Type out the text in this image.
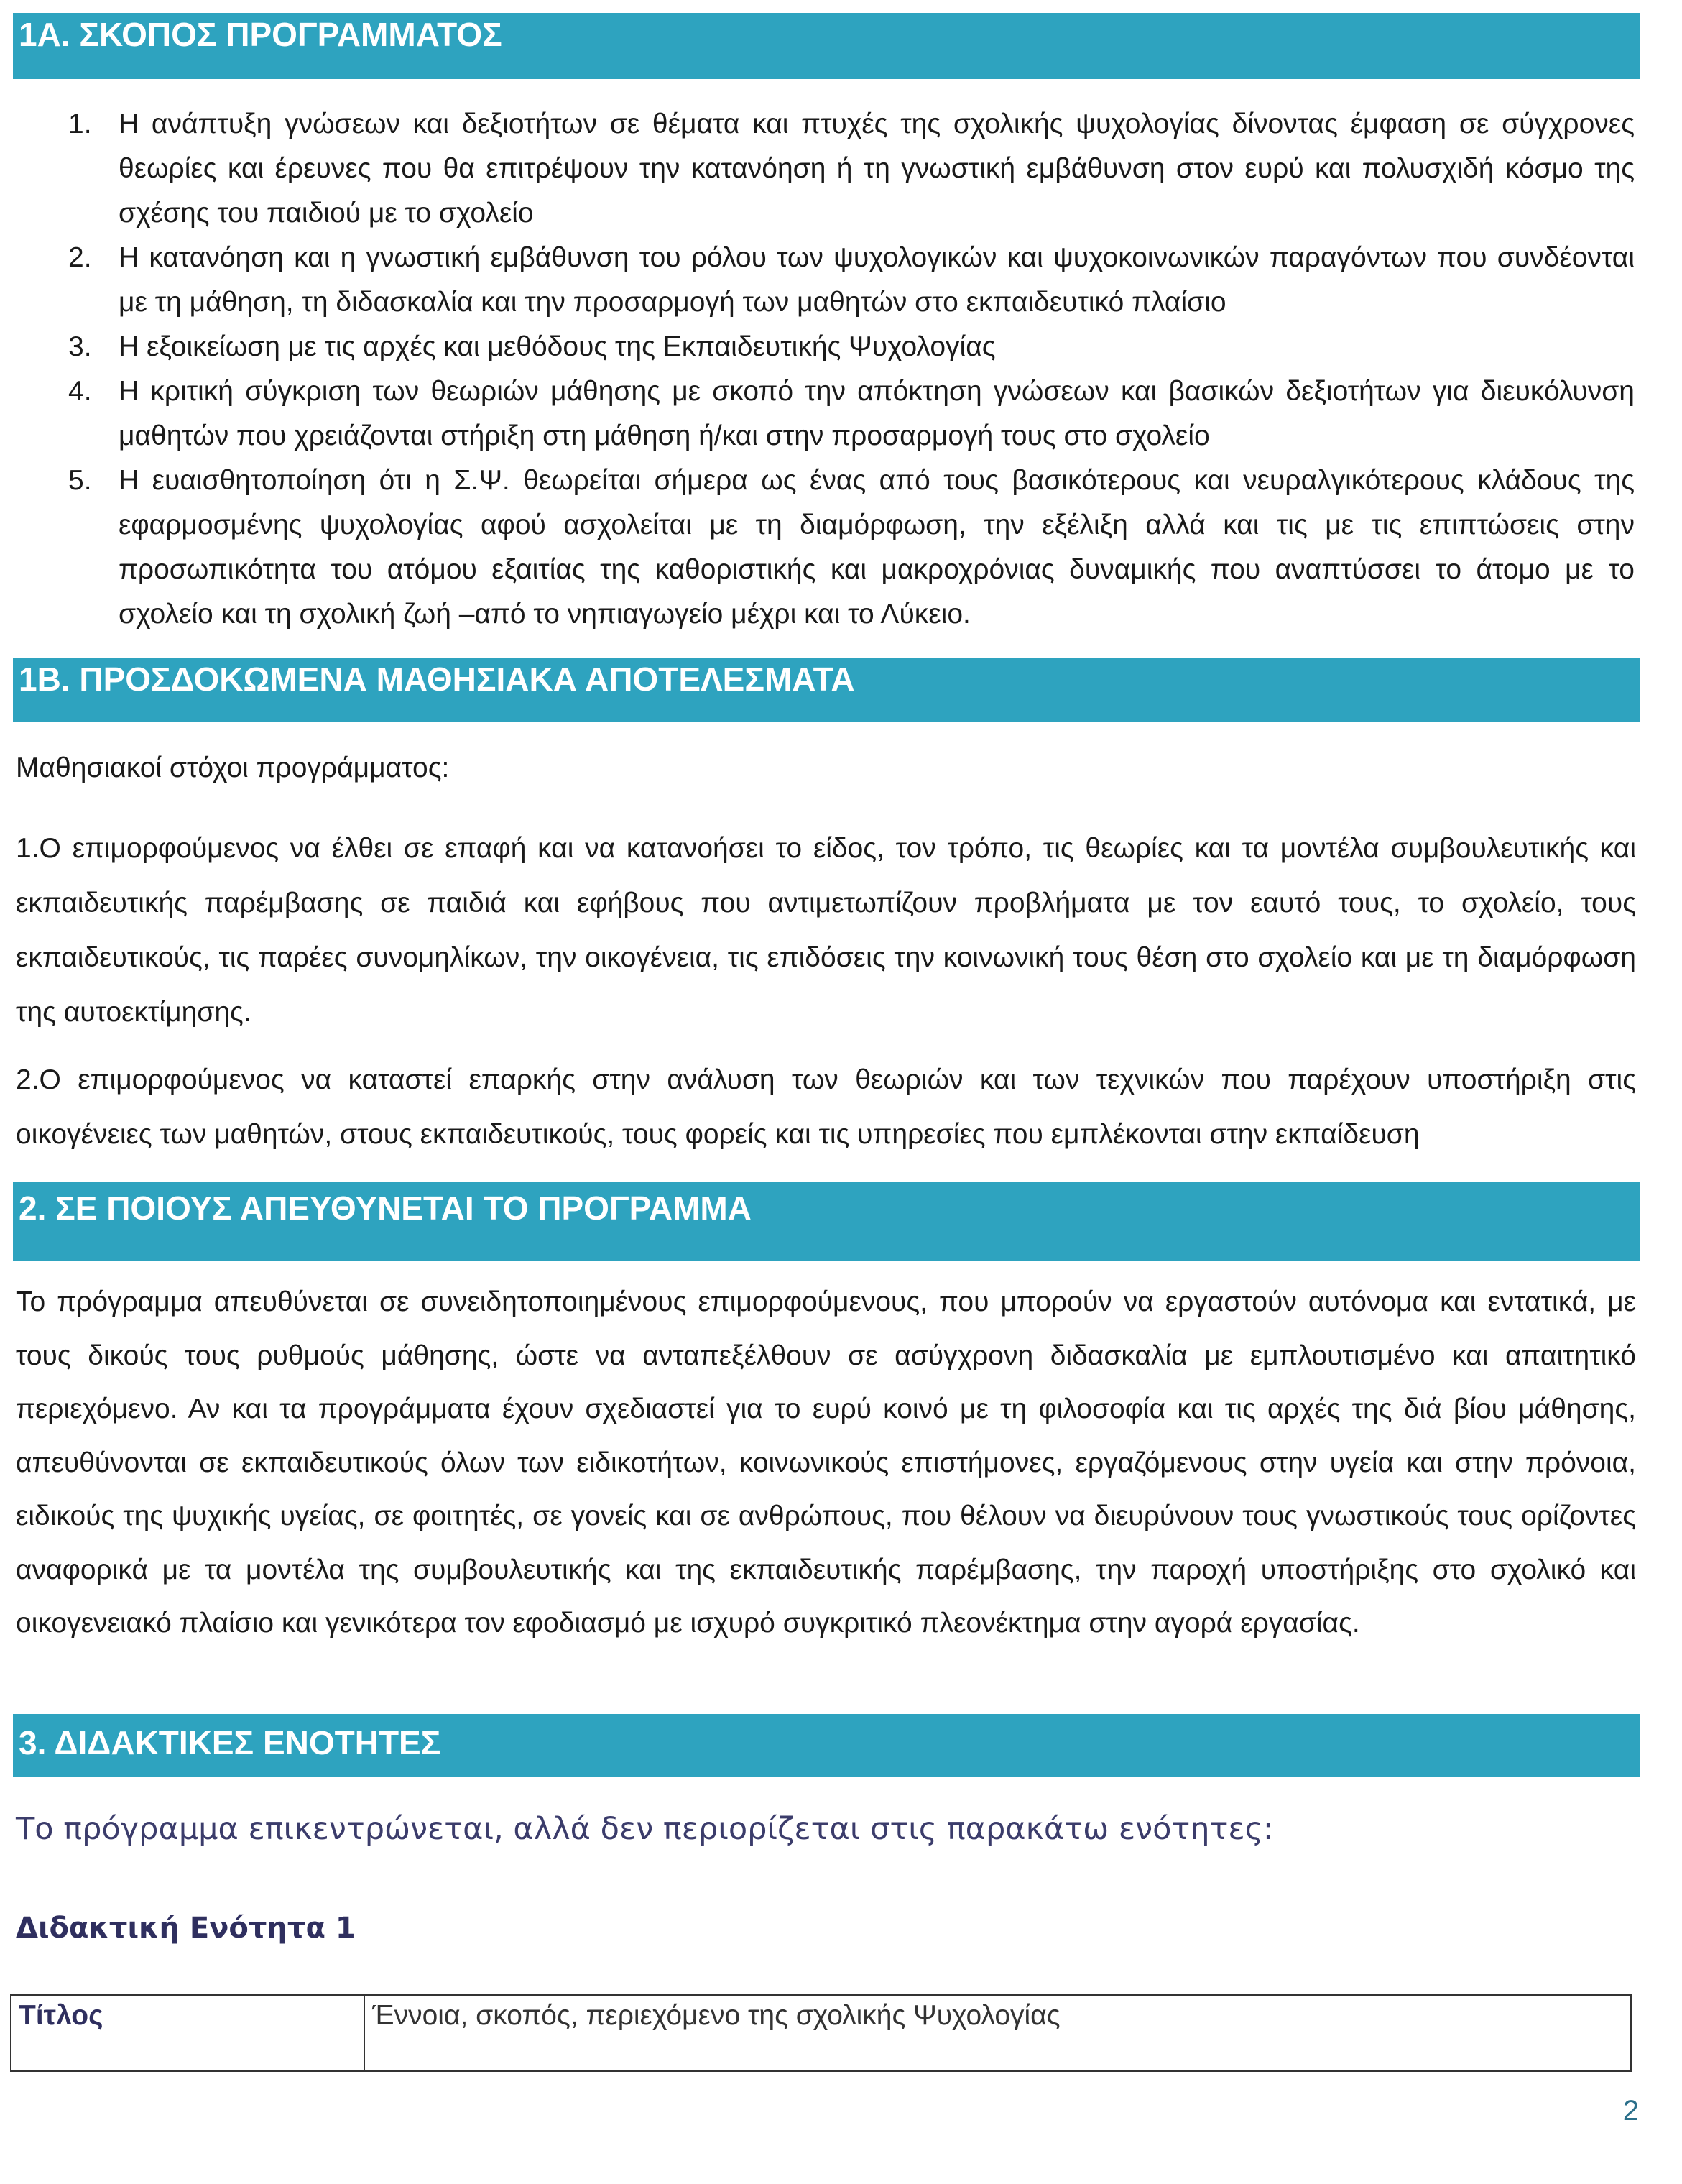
1Α. ΣΚΟΠΟΣ ΠΡΟΓΡΑΜΜΑΤΟΣ
1. Η ανάπτυξη γνώσεων και δεξιοτήτων σε θέματα και πτυχές της σχολικής ψυχολογίας δίνοντας έμφαση σε σύγχρονες θεωρίες και έρευνες που θα επιτρέψουν την κατανόηση ή τη γνωστική εμβάθυνση στον ευρύ και πολυσχιδή κόσμο της σχέσης του παιδιού με το σχολείο
2. Η κατανόηση και η γνωστική εμβάθυνση του ρόλου των ψυχολογικών και ψυχοκοινωνικών παραγόντων που συνδέονται με τη μάθηση, τη διδασκαλία και την προσαρμογή των μαθητών στο εκπαιδευτικό πλαίσιο
3. Η εξοικείωση με τις αρχές και μεθόδους της Εκπαιδευτικής Ψυχολογίας
4. Η κριτική σύγκριση των θεωριών μάθησης με σκοπό την απόκτηση γνώσεων και βασικών δεξιοτήτων για διευκόλυνση μαθητών που χρειάζονται στήριξη στη μάθηση ή/και στην προσαρμογή τους στο σχολείο
5. Η ευαισθητοποίηση ότι η Σ.Ψ. θεωρείται σήμερα ως ένας από τους βασικότερους και νευραλγικότερους κλάδους της εφαρμοσμένης ψυχολογίας αφού ασχολείται με τη διαμόρφωση, την εξέλιξη αλλά και τις με τις επιπτώσεις στην προσωπικότητα του ατόμου εξαιτίας της καθοριστικής και μακροχρόνιας δυναμικής που αναπτύσσει το άτομο με το σχολείο και τη σχολική ζωή –από το νηπιαγωγείο μέχρι και το Λύκειο.
1Β. ΠΡΟΣΔΟΚΩΜΕΝΑ ΜΑΘΗΣΙΑΚΑ ΑΠΟΤΕΛΕΣΜΑΤΑ

Μαθησιακοί στόχοι προγράμματος:

1.Ο επιμορφούμενος να έλθει σε επαφή και να κατανοήσει το είδος, τον τρόπο, τις θεωρίες και τα μοντέλα συμβουλευτικής και εκπαιδευτικής παρέμβασης σε παιδιά και εφήβους που αντιμετωπίζουν προβλήματα με τον εαυτό τους, το σχολείο, τους εκπαιδευτικούς, τις παρέες συνομηλίκων, την οικογένεια, τις επιδόσεις την κοινωνική τους θέση στο σχολείο και με τη διαμόρφωση της αυτοεκτίμησης.

2.Ο επιμορφούμενος να καταστεί επαρκής στην ανάλυση των θεωριών και των τεχνικών που παρέχουν υποστήριξη στις οικογένειες των μαθητών, στους εκπαιδευτικούς, τους φορείς και τις υπηρεσίες που εμπλέκονται στην εκπαίδευση

2. ΣΕ ΠΟΙΟΥΣ ΑΠΕΥΘΥΝΕΤΑΙ ΤΟ ΠΡΟΓΡΑΜΜΑ

Το πρόγραμμα απευθύνεται σε συνειδητοποιημένους επιμορφούμενους, που μπορούν να εργαστούν αυτόνομα και εντατικά, με τους δικούς τους ρυθμούς μάθησης, ώστε να ανταπεξέλθουν σε ασύγχρονη διδασκαλία με εμπλουτισμένο και απαιτητικό περιεχόμενο. Αν και τα προγράμματα έχουν σχεδιαστεί για το ευρύ κοινό με τη φιλοσοφία και τις αρχές της διά βίου μάθησης, απευθύνονται σε εκπαιδευτικούς όλων των ειδικοτήτων, κοινωνικούς επιστήμονες, εργαζόμενους στην υγεία και στην πρόνοια, ειδικούς της ψυχικής υγείας, σε φοιτητές, σε γονείς και σε ανθρώπους, που θέλουν να διευρύνουν τους γνωστικούς τους ορίζοντες αναφορικά με τα μοντέλα της συμβουλευτικής και της εκπαιδευτικής παρέμβασης, την παροχή υποστήριξης στο σχολικό και οικογενειακό πλαίσιο και γενικότερα τον εφοδιασμό με ισχυρό συγκριτικό πλεονέκτημα στην αγορά εργασίας.

3. ΔΙΔΑΚΤΙΚΕΣ ΕΝΟΤΗΤΕΣ

Το πρόγραμμα επικεντρώνεται, αλλά δεν περιορίζεται στις παρακάτω ενότητες:

Διδακτική Ενότητα 1

Τίτλος	Έννοια, σκοπός, περιεχόμενο της σχολικής Ψυχολογίας
2
